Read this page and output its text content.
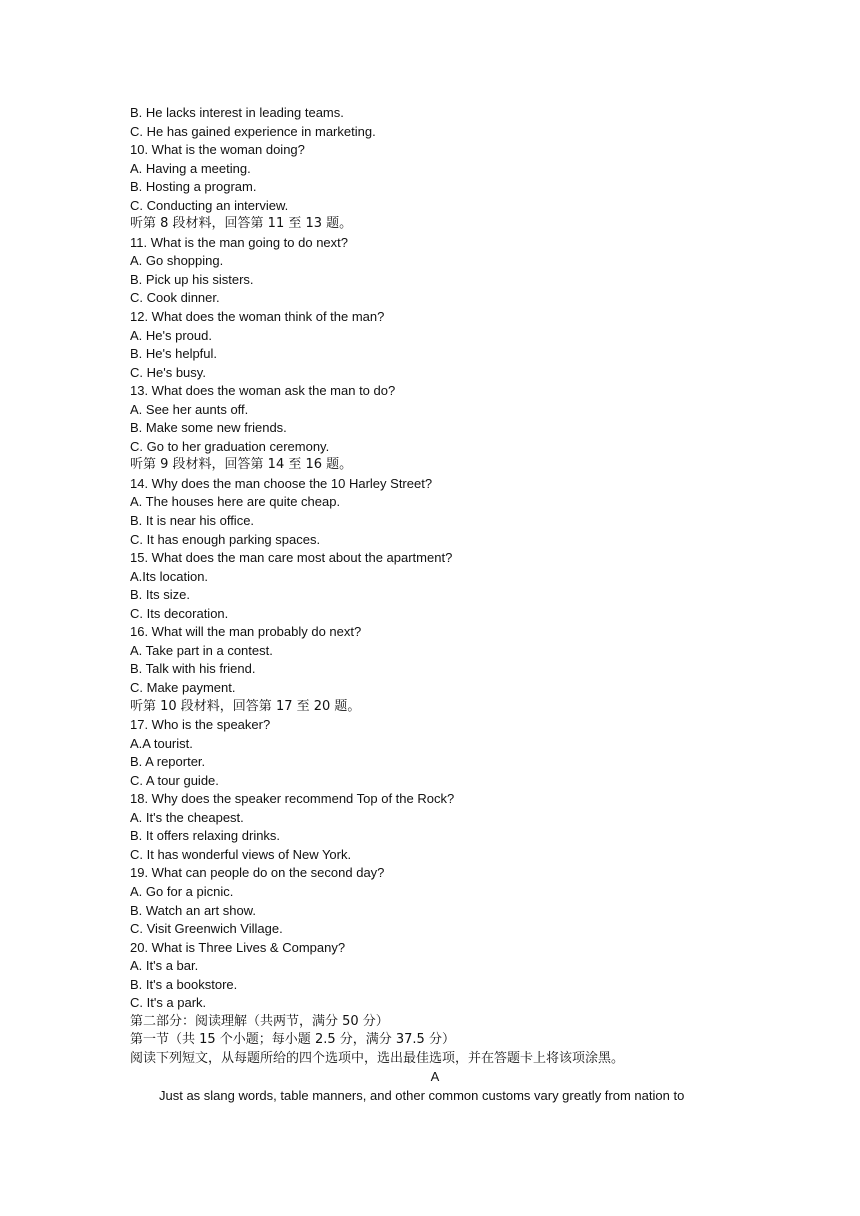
B. He lacks interest in leading teams.
C. He has gained experience in marketing.
10. What is the woman doing?
A. Having a meeting.
B. Hosting a program.
C. Conducting an interview.
听第 8 段材料，回答第 11 至 13 题。
11. What is the man going to do next?
A. Go shopping.
B. Pick up his sisters.
C. Cook dinner.
12. What does the woman think of the man?
A. He's proud.
B. He's helpful.
C. He's busy.
13. What does the woman ask the man to do?
A. See her aunts off.
B. Make some new friends.
C. Go to her graduation ceremony.
听第 9 段材料，回答第 14 至 16 题。
14. Why does the man choose the 10 Harley Street?
A. The houses here are quite cheap.
B. It is near his office.
C. It has enough parking spaces.
15. What does the man care most about the apartment?
A.Its location.
B. Its size.
C. Its decoration.
16. What will the man probably do next?
A. Take part in a contest.
B. Talk with his friend.
C. Make payment.
听第 10 段材料，回答第 17 至 20 题。
17. Who is the speaker?
A.A tourist.
B. A reporter.
C. A tour guide.
18. Why does the speaker recommend Top of the Rock?
A. It's the cheapest.
B. It offers relaxing drinks.
C. It has wonderful views of New York.
19. What can people do on the second day?
A. Go for a picnic.
B. Watch an art show.
C. Visit Greenwich Village.
20. What is Three Lives & Company?
A. It's a bar.
B. It's a bookstore.
C. It's a park.
第二部分：阅读理解（共两节，满分 50 分）
第一节（共 15 个小题；每小题 2.5 分，满分 37.5 分）
阅读下列短文，从每题所给的四个选项中，选出最佳选项，并在答题卡上将该项涂黑。
A
Just as slang words, table manners, and other common customs vary greatly from nation to
